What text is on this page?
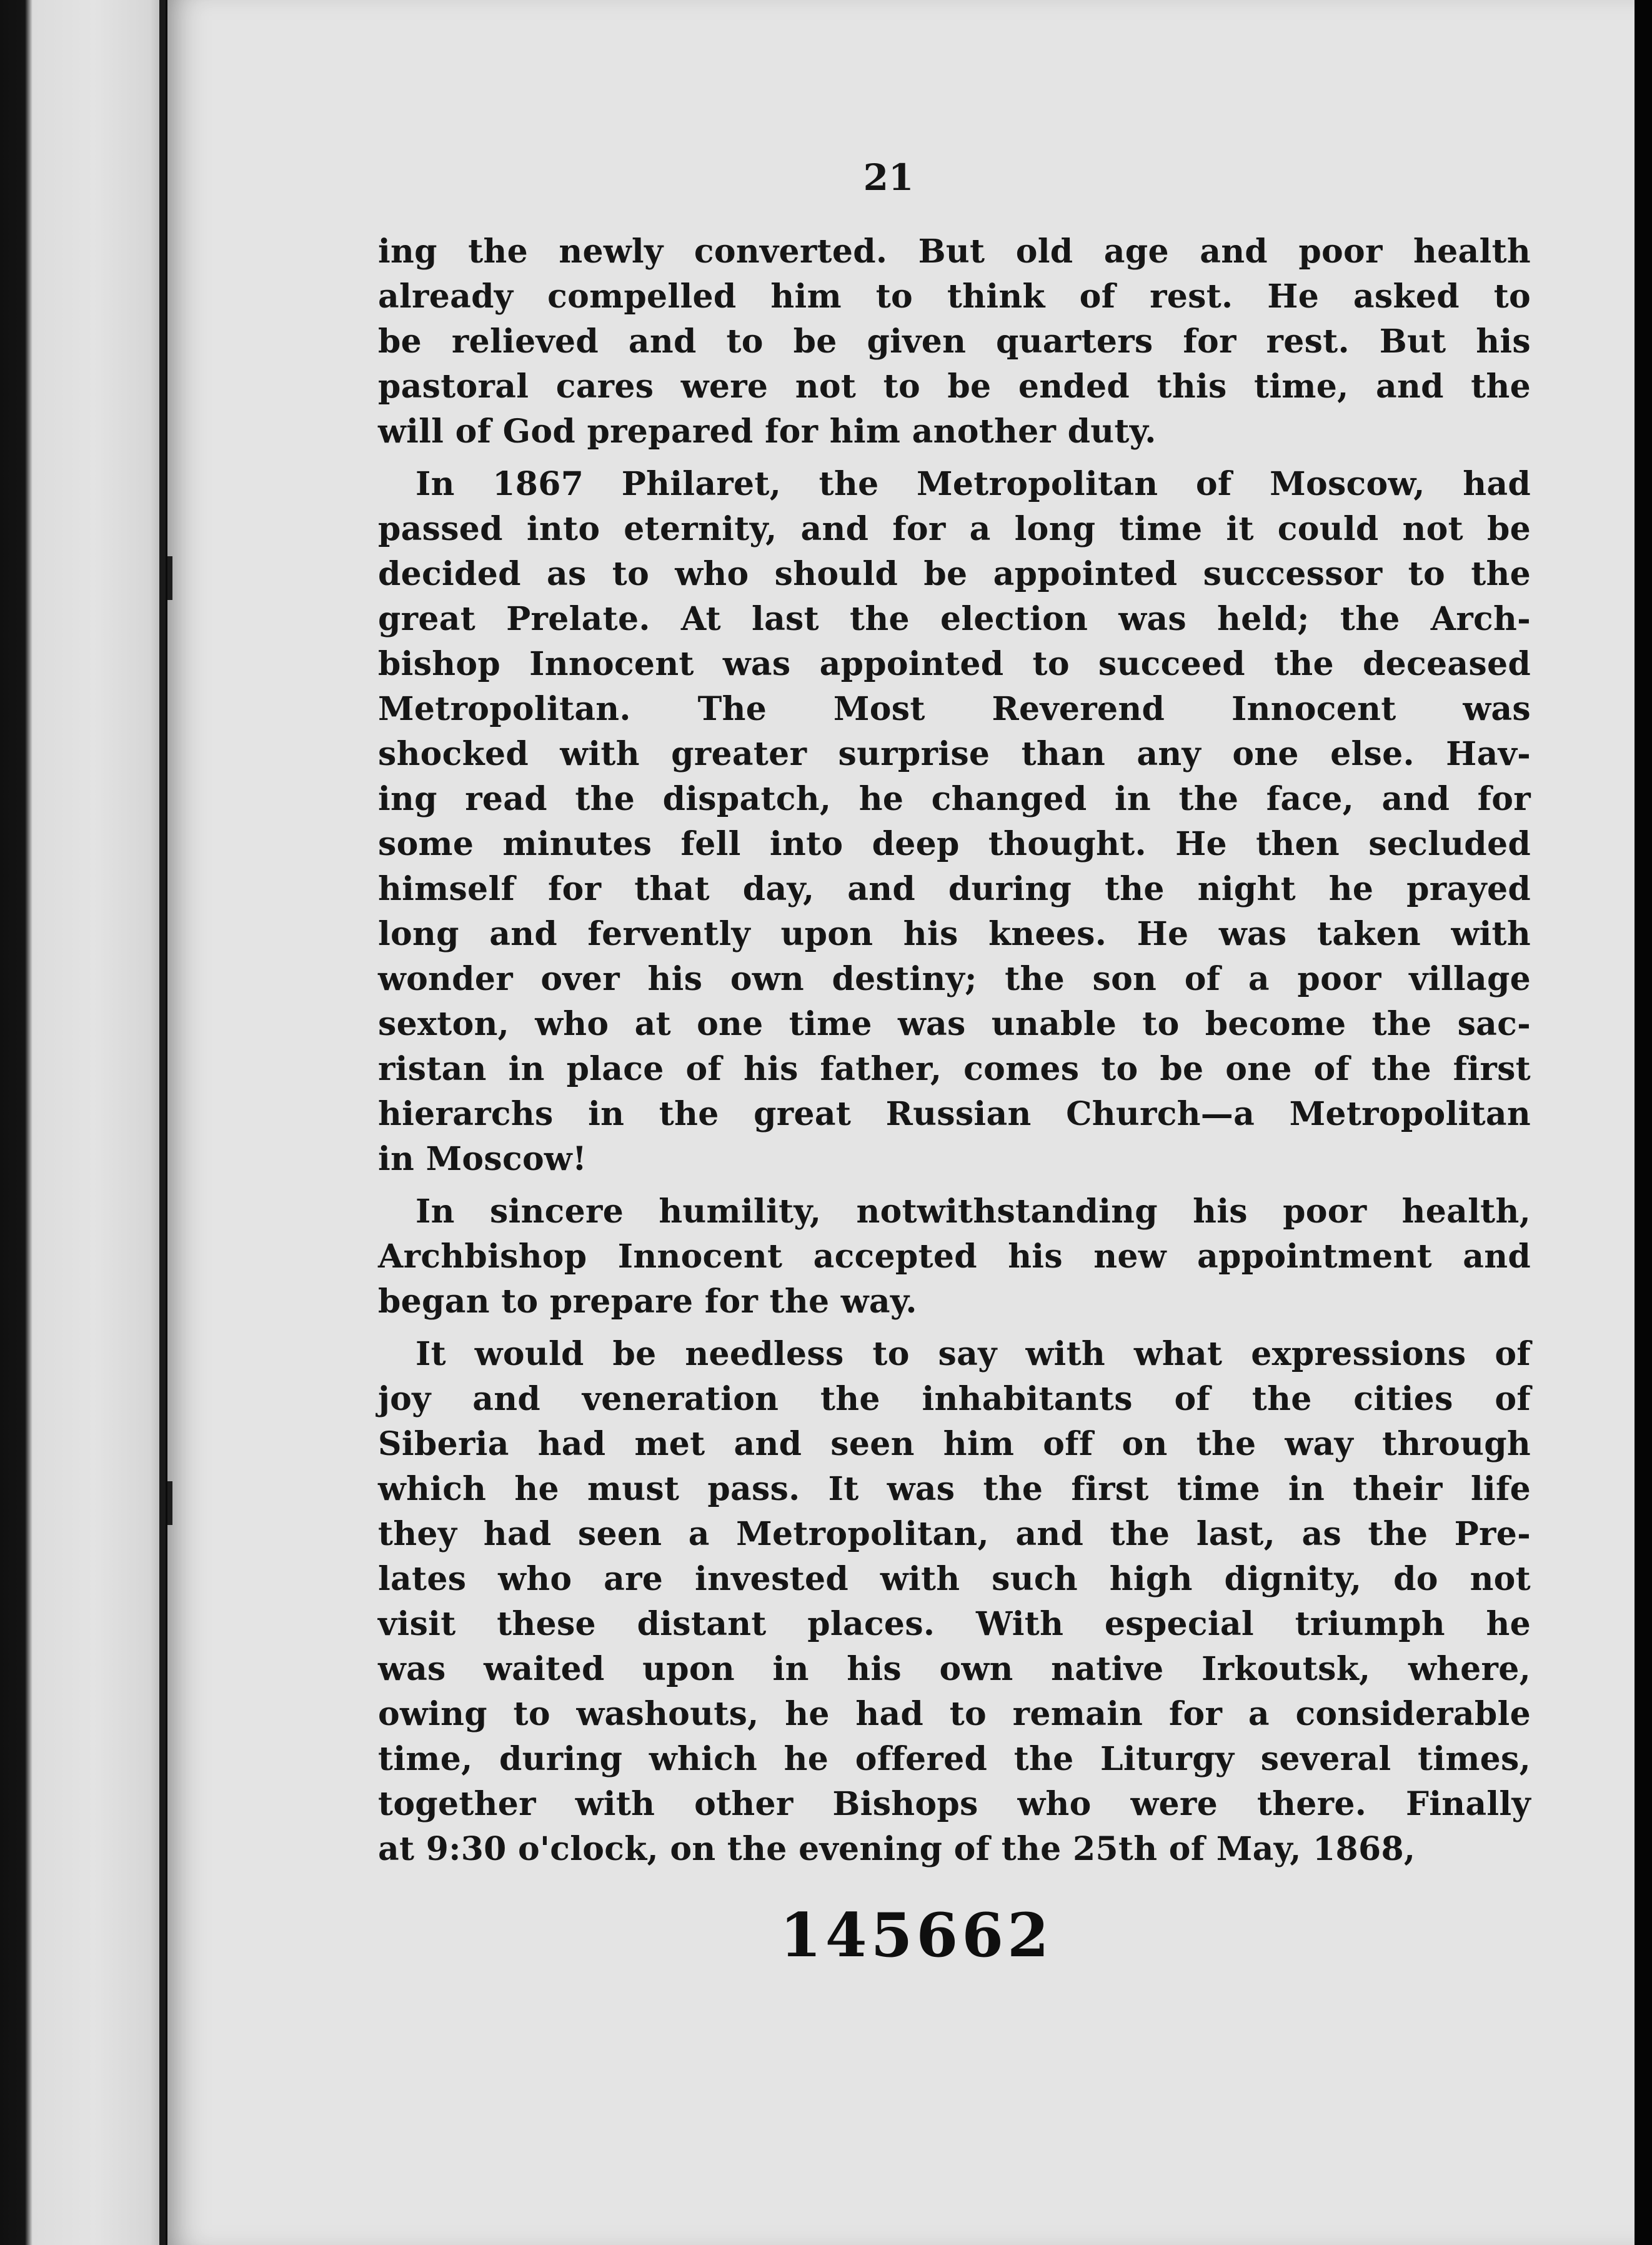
21
ing the newly converted. But old age and poor health
already compelled him to think of rest. He asked to
be relieved and to be given quarters for rest. But his
pastoral cares were not to be ended this time, and the
will of God prepared for him another duty.
In 1867 Philaret, the Metropolitan of Moscow, had
passed into eternity, and for a long time it could not be
decided as to who should be appointed successor to the
great Prelate. At last the election was held; the Arch-
bishop Innocent was appointed to succeed the deceased
Metropolitan. The Most Reverend Innocent was
shocked with greater surprise than any one else. Hav-
ing read the dispatch, he changed in the face, and for
some minutes fell into deep thought. He then secluded
himself for that day, and during the night he prayed
long and fervently upon his knees. He was taken with
wonder over his own destiny; the son of a poor village
sexton, who at one time was unable to become the sac-
ristan in place of his father, comes to be one of the first
hierarchs in the great Russian Church—a Metropolitan
in Moscow!
In sincere humility, notwithstanding his poor health,
Archbishop Innocent accepted his new appointment and
began to prepare for the way.
It would be needless to say with what expressions of
joy and veneration the inhabitants of the cities of
Siberia had met and seen him off on the way through
which he must pass. It was the first time in their life
they had seen a Metropolitan, and the last, as the Pre-
lates who are invested with such high dignity, do not
visit these distant places. With especial triumph he
was waited upon in his own native Irkoutsk, where,
owing to washouts, he had to remain for a considerable
time, during which he offered the Liturgy several times,
together with other Bishops who were there. Finally
at 9:30 o'clock, on the evening of the 25th of May, 1868,
145662
